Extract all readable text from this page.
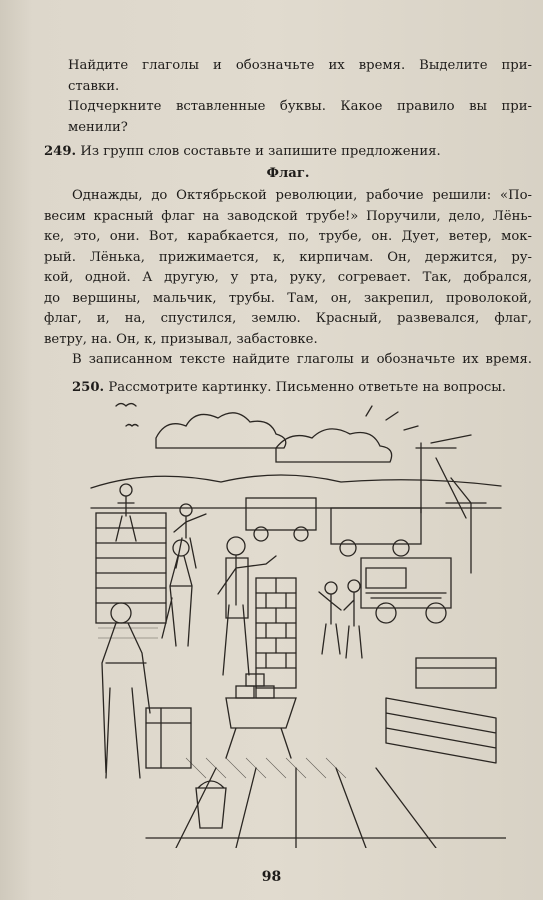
Найдите глаголы и обозначьте их время. Выделите при-
ставки.
Подчеркните вставленные буквы. Какое правило вы при-
менили?
249. Из групп слов составьте и запишите предложения.
Флаг.
Однажды, до Октябрьской революции, рабочие решили: «По-
весим красный флаг на заводской трубе!» Поручили, дело, Лёнь-
ке, это, они. Вот, карабкается, по, трубе, он. Дует, ветер, мок-
рый. Лёнька, прижимается, к, кирпичам. Он, держится, ру-
кой, одной. А другую, у рта, руку, согревает. Так, добрался,
до вершины, мальчик, трубы. Там, он, закрепил, проволокой,
флаг, и, на, спустился, землю. Красный, развевался, флаг,
ветру, на. Он, к, призывал, забастовке.
В записанном тексте найдите глаголы и обозначьте их время.
250. Рассмотрите картинку. Письменно ответьте на вопросы.
98
